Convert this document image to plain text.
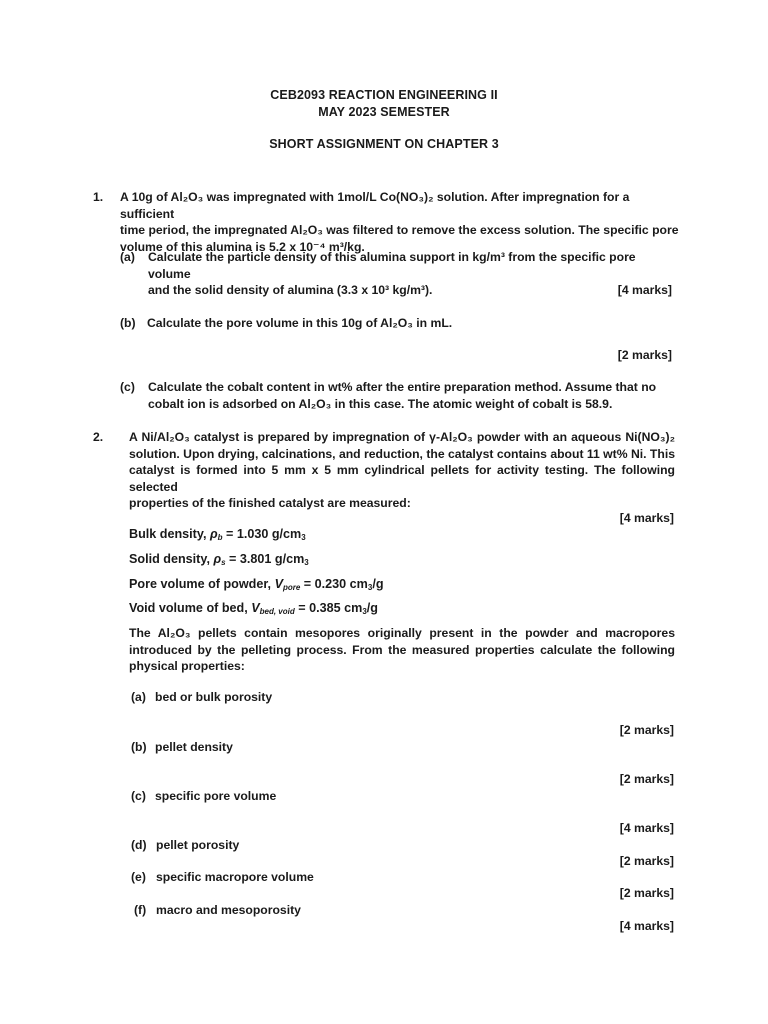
CEB2093 REACTION ENGINEERING II
MAY 2023 SEMESTER
SHORT ASSIGNMENT ON CHAPTER 3
1. A 10g of Al₂O₃ was impregnated with 1mol/L Co(NO₃)₂ solution. After impregnation for a sufficient
time period, the impregnated Al₂O₃ was filtered to remove the excess solution. The specific pore
volume of this alumina is 5.2 x 10⁻⁴ m³/kg.
(a) Calculate the particle density of this alumina support in kg/m³ from the specific pore volume
and the solid density of alumina (3.3 x 10³ kg/m³).	[4 marks]
(b) Calculate the pore volume in this 10g of Al₂O₃ in mL.
[2 marks]
(c) Calculate the cobalt content in wt% after the entire preparation method. Assume that no
cobalt ion is adsorbed on Al₂O₃ in this case. The atomic weight of cobalt is 58.9.
2. A Ni/Al₂O₃ catalyst is prepared by impregnation of γ-Al₂O₃ powder with an aqueous Ni(NO₃)₂
solution. Upon drying, calcinations, and reduction, the catalyst contains about 11 wt% Ni. This
catalyst is formed into 5 mm x 5 mm cylindrical pellets for activity testing. The following selected
properties of the finished catalyst are measured:
[4 marks]
Bulk density, $\rho_b = 1.030$ $g/cm_3$
Solid density, $\rho_s = 3.801$ $g/cm_3$
Pore volume of powder, $V_{pore} = 0.230$ $cm_3/g$
Void volume of bed, $V_{bed, void} = 0.385$ $cm_3/g$
The Al₂O₃ pellets contain mesopores originally present in the powder and macropores
introduced by the pelleting process. From the measured properties calculate the following
physical properties:
(a) bed or bulk porosity
[2 marks]
(b) pellet density
[2 marks]
(c) specific pore volume
[4 marks]
(d) pellet porosity
[2 marks]
(e) specific macropore volume
[2 marks]
(f) macro and mesoporosity
[4 marks]
